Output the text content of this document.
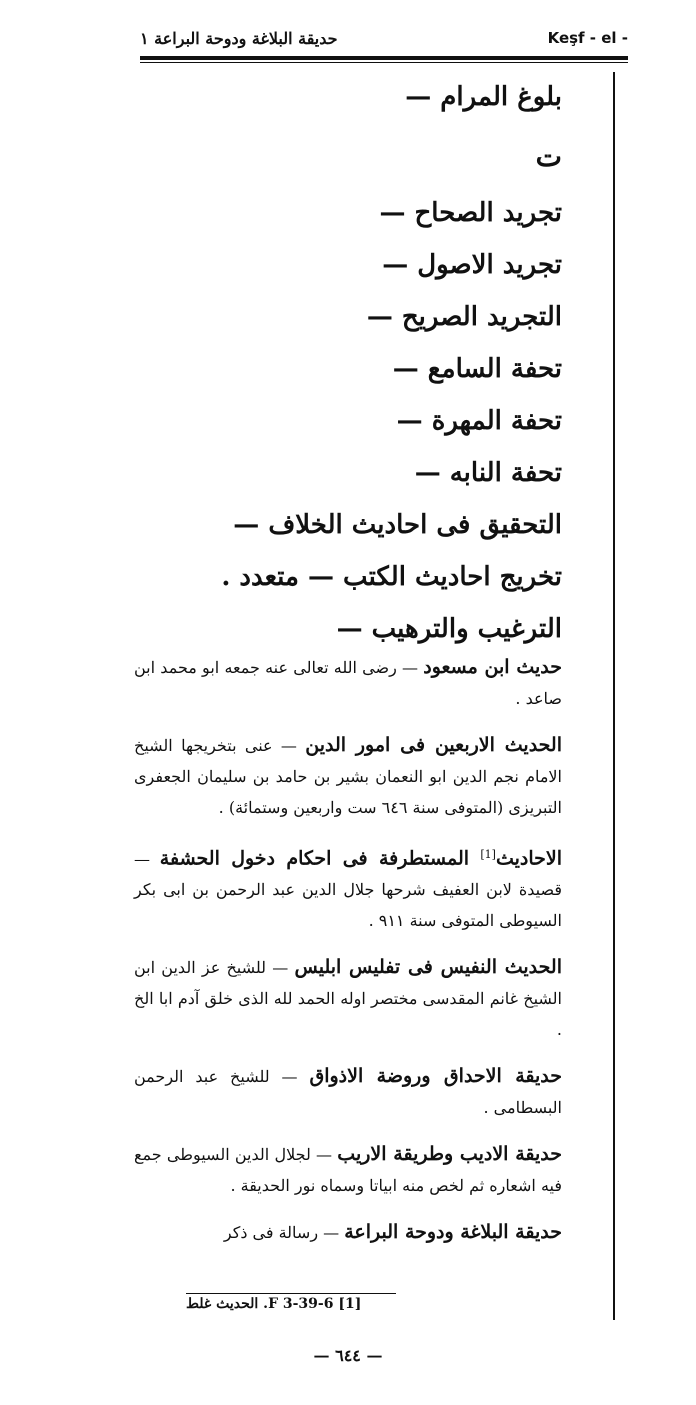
حديقة البلاغة ودوحة البراعة ١	Keşf - el -
بلوغ المرام —
ت
تجريد الصحاح —
تجريد الاصول —
التجريد الصريح —
تحفة السامع —
تحفة المهرة —
تحفة النابه —
التحقيق فى احاديث الخلاف —
تخريج احاديث الكتب — متعدد .
الترغيب والترهيب —
حديث ابن مسعود — رضى الله تعالى عنه جمعه ابو محمد ابن صاعد .
الحديث الاربعين فى امور الدين — عنى بتخريجها الشيخ الامام نجم الدين ابو النعمان بشير بن حامد بن سليمان الجعفرى التبريزى (المتوفى سنة ٦٤٦ ست واربعين وستمائة) .
الاحاديث[1] المستطرفة فى احكام دخول الحشفة — قصيدة لابن العفيف شرحها جلال الدين عبد الرحمن بن ابى بكر السيوطى المتوفى سنة ٩١١ .
الحديث النفيس فى تفليس ابليس — للشيخ عز الدين ابن الشيخ غانم المقدسى مختصر اوله الحمد لله الذى خلق آدم ابا الخ .
حديقة الاحداق وروضة الاذواق — للشيخ عبد الرحمن البسطامى .
حديقة الاديب وطريقة الاريب — لجلال الدين السيوطى جمع فيه اشعاره ثم لخص منه ابياتا وسماه نور الحديقة .
حديقة البلاغة ودوحة البراعة — رسالة فى ذكر
[1] F 3-39-6. الحديث غلط
— ٦٤٤ —
